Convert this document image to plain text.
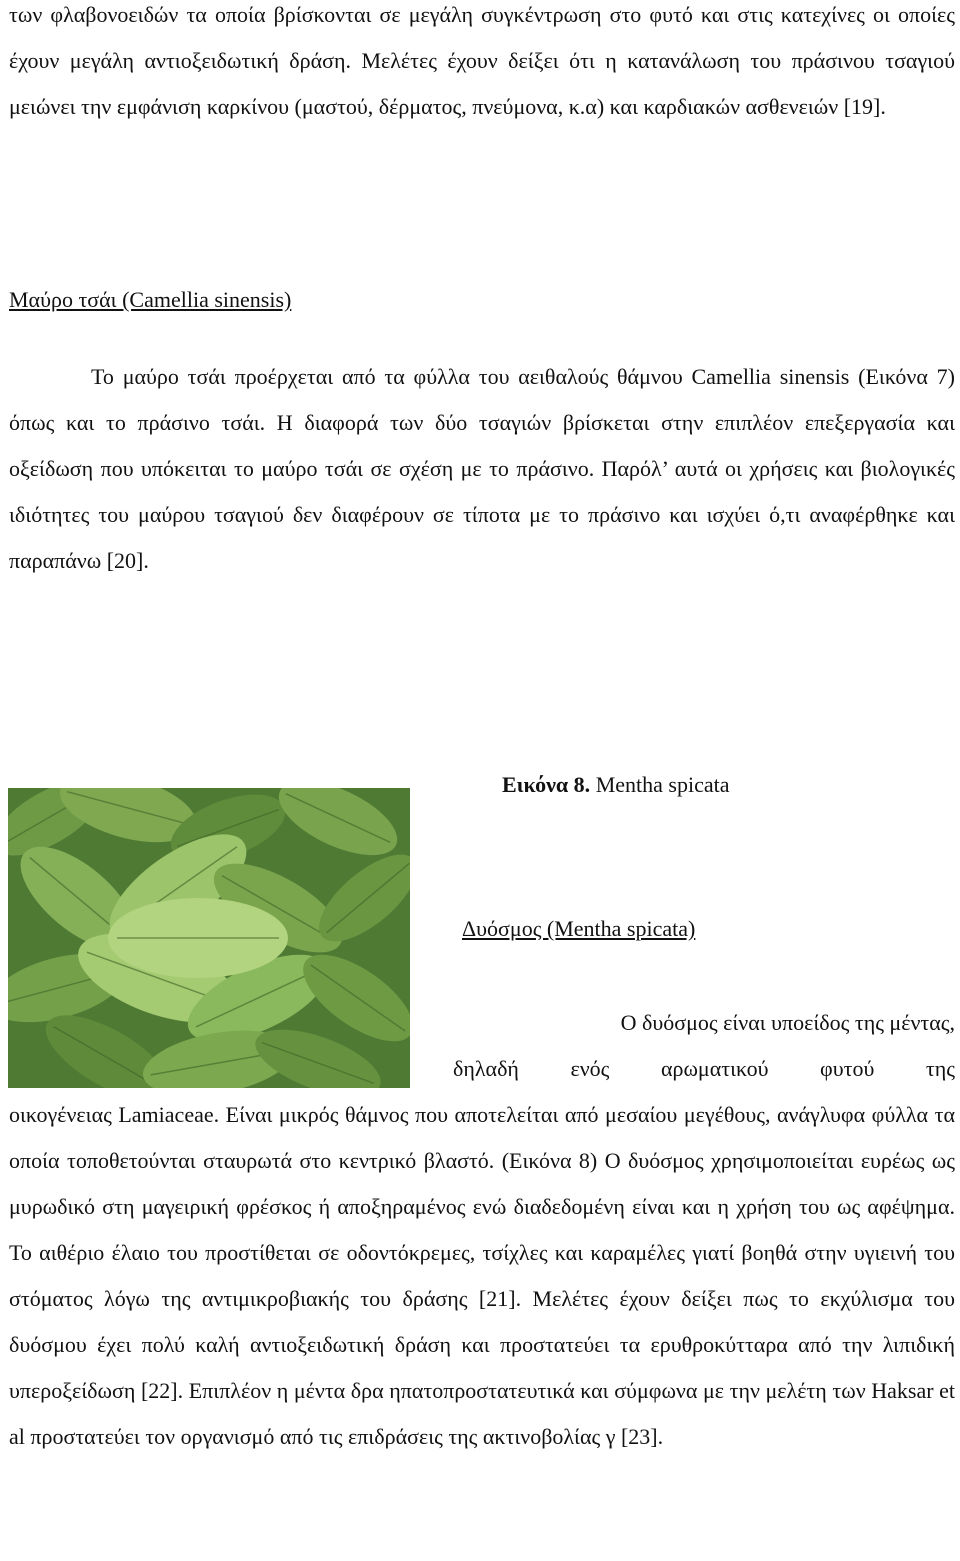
των φλαβονοειδών τα οποία βρίσκονται σε μεγάλη συγκέντρωση στο φυτό και στις κατεχίνες οι οποίες έχουν μεγάλη αντιοξειδωτική δράση. Μελέτες έχουν δείξει ότι η κατανάλωση του πράσινου τσαγιού μειώνει την εμφάνιση καρκίνου (μαστού, δέρματος, πνεύμονα, κ.α) και καρδιακών ασθενειών [19].

Μαύρο τσάι (Camellia sinensis)

Το μαύρο τσάι προέρχεται από τα φύλλα του αειθαλούς θάμνου Camellia sinensis (Εικόνα 7) όπως και το πράσινο τσάι. Η διαφορά των δύο τσαγιών βρίσκεται στην επιπλέον επεξεργασία και οξείδωση που υπόκειται το μαύρο τσάι σε σχέση με το πράσινο. Παρόλ’ αυτά οι χρήσεις και βιολογικές ιδιότητες του μαύρου τσαγιού δεν διαφέρουν σε τίποτα με το πράσινο και ισχύει ό,τι αναφέρθηκε και παραπάνω [20].

Εικόνα 8. Mentha spicata

Δυόσμος (Mentha spicata)

Ο δυόσμος είναι υποείδος της μέντας,

δηλαδή ενός αρωματικού φυτού της

οικογένειας Lamiaceae. Είναι μικρός θάμνος που αποτελείται από μεσαίου μεγέθους, ανάγλυφα φύλλα τα οποία τοποθετούνται σταυρωτά στο κεντρικό βλαστό. (Εικόνα 8) Ο δυόσμος χρησιμοποιείται ευρέως ως μυρωδικό στη μαγειρική φρέσκος ή αποξηραμένος ενώ διαδεδομένη είναι και η χρήση του ως αφέψημα. Το αιθέριο έλαιο του προστίθεται σε οδοντόκρεμες, τσίχλες και καραμέλες γιατί βοηθά στην υγιεινή του στόματος λόγω της αντιμικροβιακής του δράσης [21]. Μελέτες έχουν δείξει πως το εκχύλισμα του δυόσμου έχει πολύ καλή αντιοξειδωτική δράση και προστατεύει τα ερυθροκύτταρα από την λιπιδική υπεροξείδωση [22]. Επιπλέον η μέντα δρα ηπατοπροστατευτικά και σύμφωνα με την μελέτη των Haksar et al προστατεύει τον οργανισμό από τις επιδράσεις της ακτινοβολίας γ [23].
